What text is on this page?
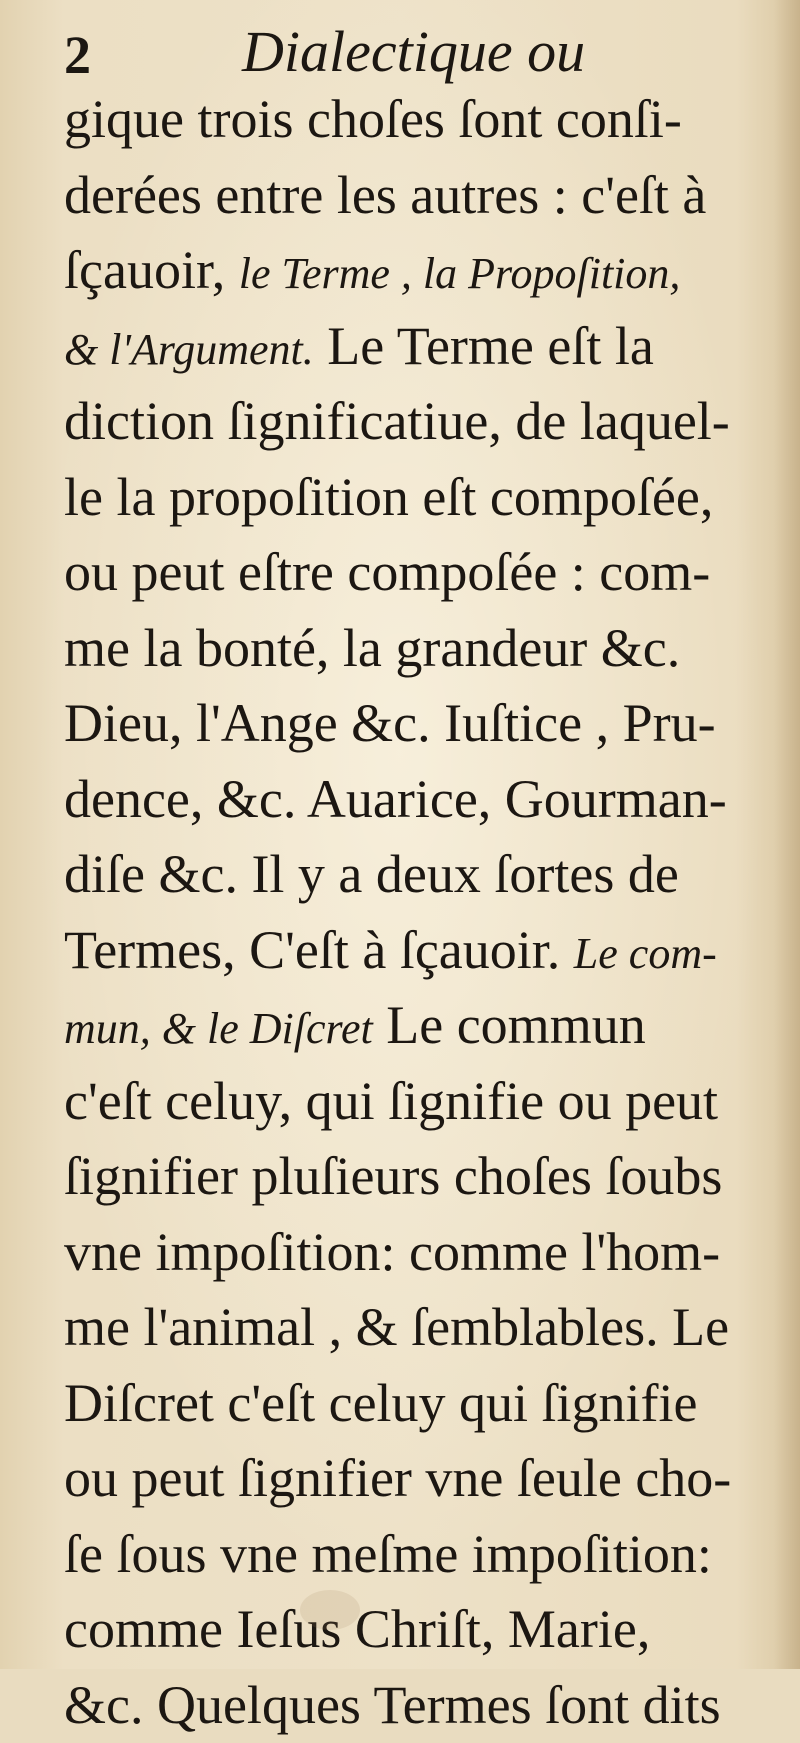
2	Dialectique ou
gique trois choſes ſont conſi-
derées entre les autres : c'eſt à
ſçauoir, le Terme , la Propoſition,
& l'Argument. Le Terme eſt la
diction ſignificatiue, de laquel-
le la propoſition eſt compoſée,
ou peut eſtre compoſée : com-
me la bonté, la grandeur &c.
Dieu, l'Ange &c. Iuſtice , Pru-
dence, &c. Auarice, Gourman-
diſe &c. Il y a deux ſortes de
Termes, C'eſt à ſçauoir. Le com-
mun, & le Diſcret Le commun
c'eſt celuy, qui ſignifie ou peut
ſignifier pluſieurs choſes ſoubs
vne impoſition: comme l'hom-
me l'animal , & ſemblables. Le
Diſcret c'eſt celuy qui ſignifie
ou peut ſignifier vne ſeule cho-
ſe ſous vne meſme impoſition:
comme Ieſus Chriſt, Marie,
&c. Quelques Termes ſont dits
